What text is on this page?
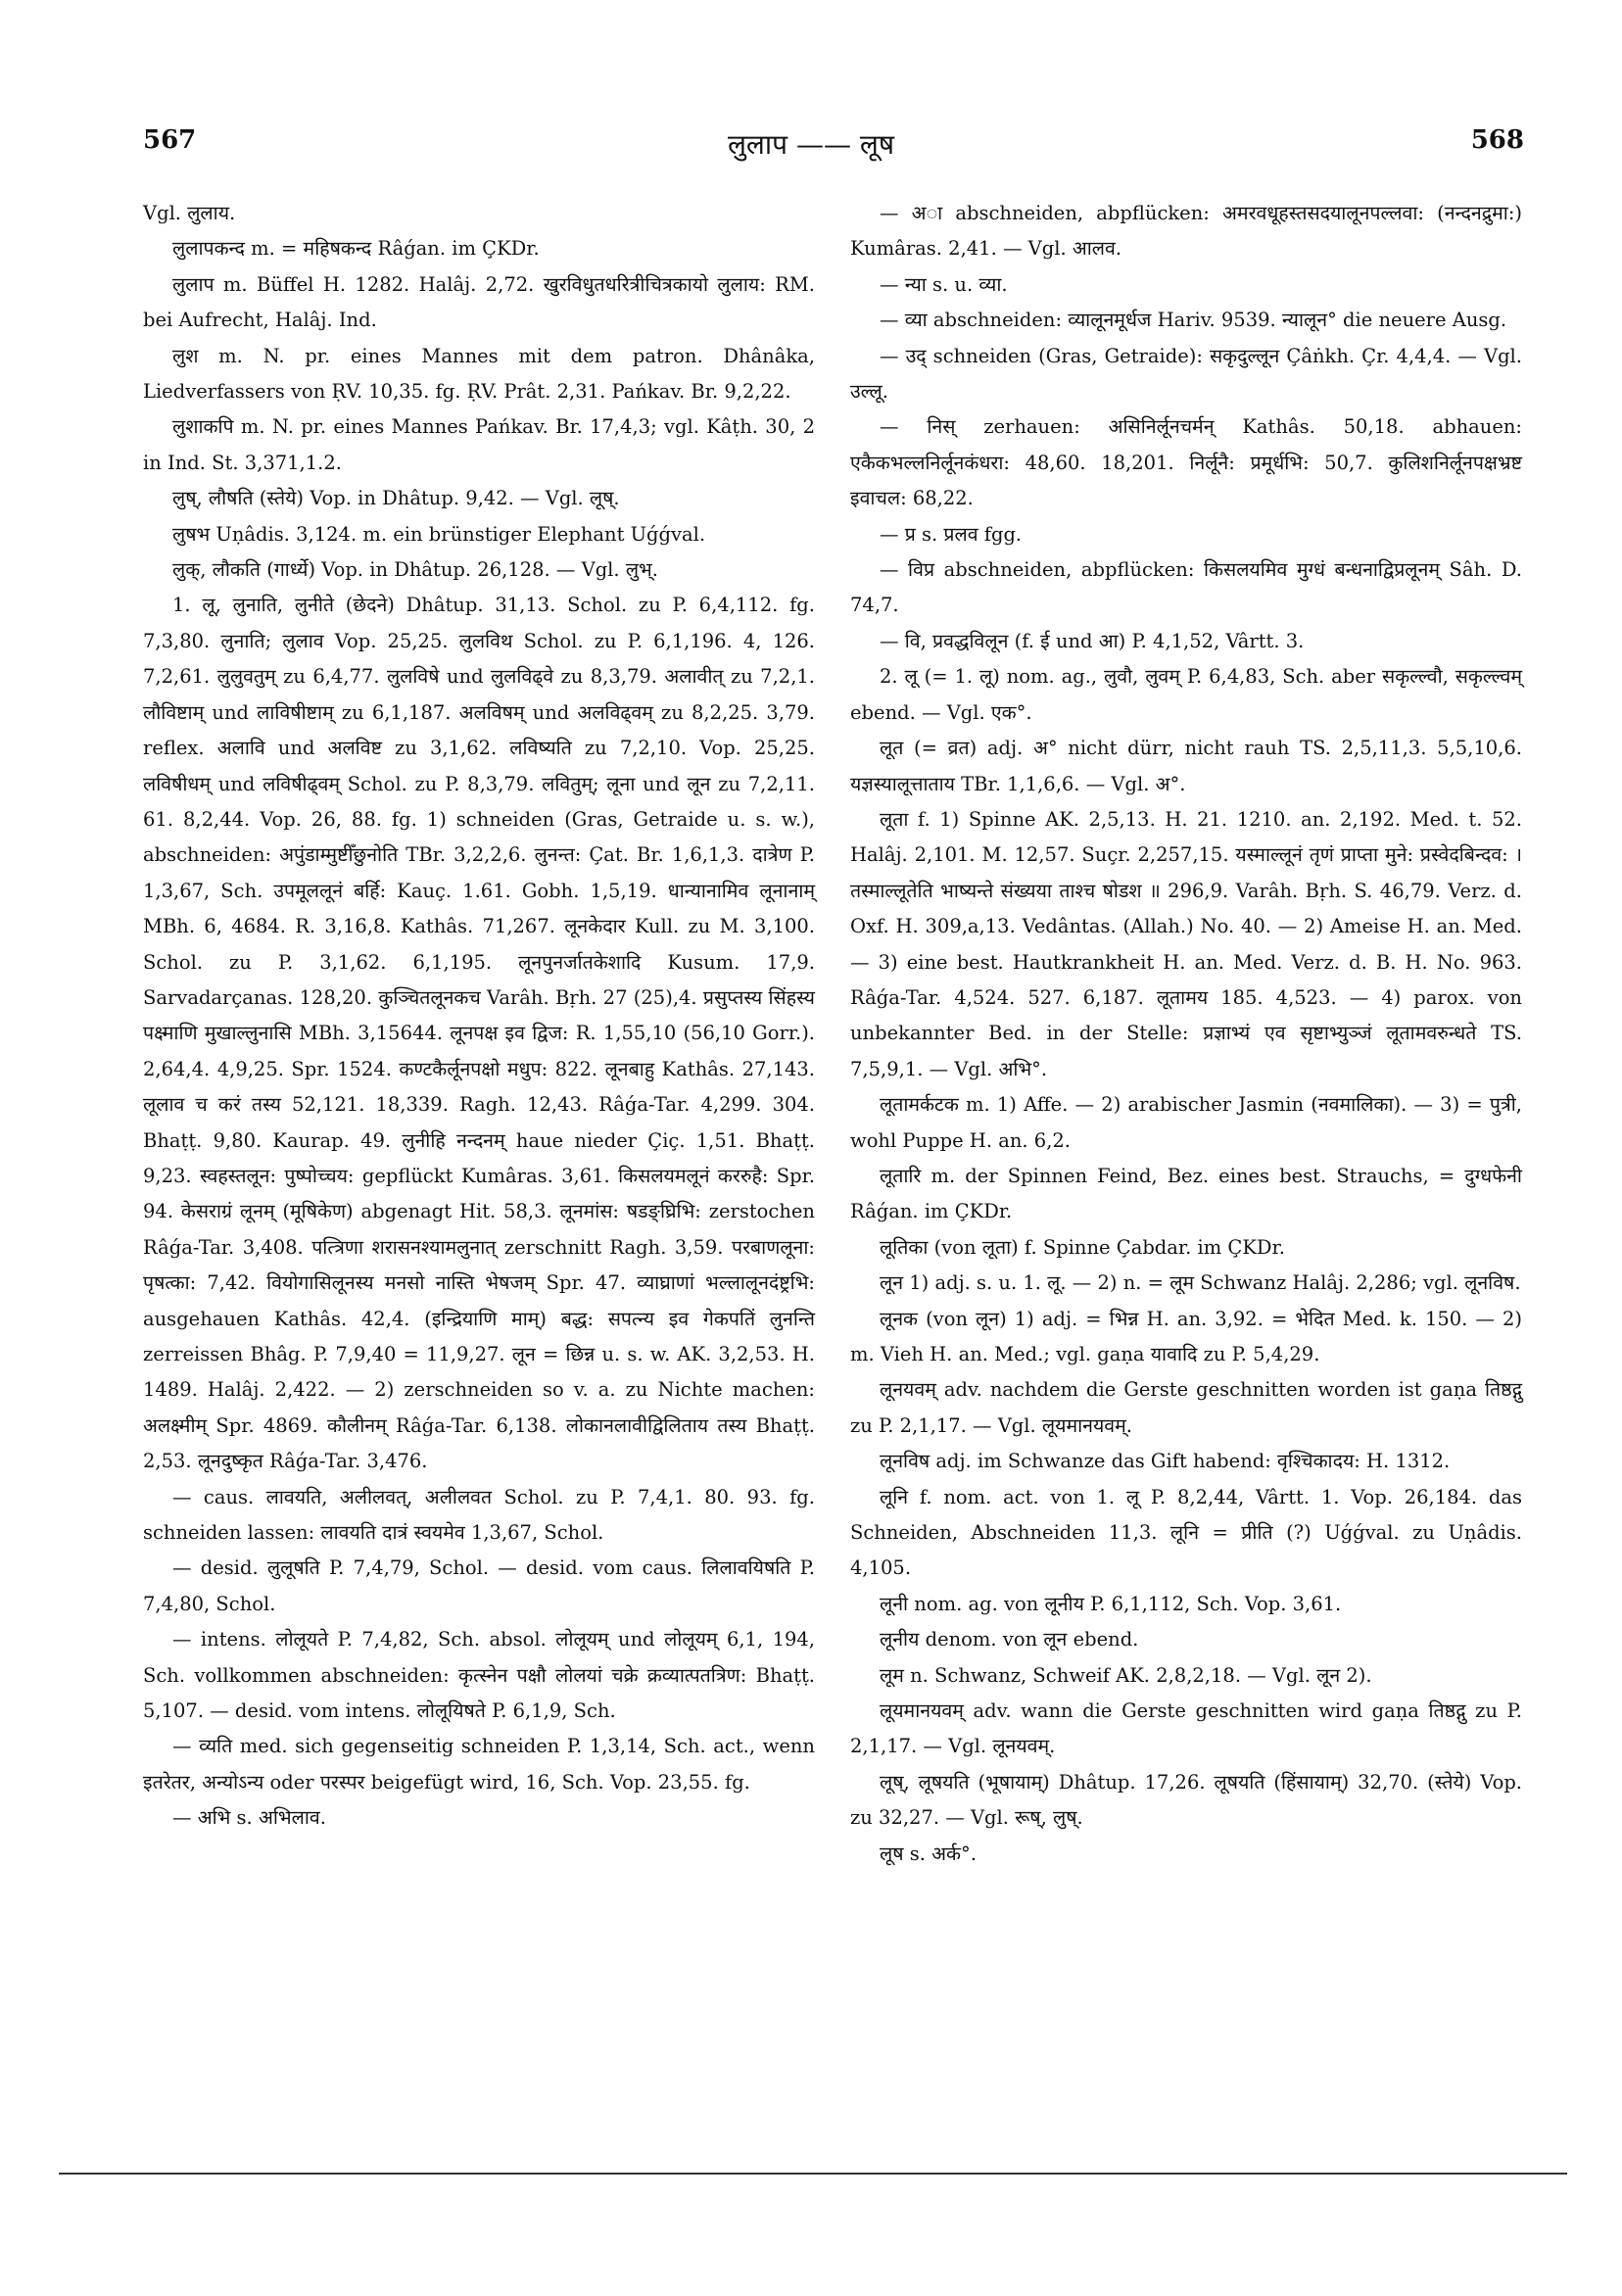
567	लुलाप —— लूष	568

Vgl. लुलाय.

लुलापकन्द m. = महिषकन्द Râǵan. im ÇKDr.

लुलाप m. Büffel H. 1282. Halâj. 2,72. खुरविधुतधरित्रीचित्रकायो लुलाय: RM. bei Aufrecht, Halâj. Ind.

लुश m. N. pr. eines Mannes mit dem patron. Dhânâka, Liedverfassers von ṚV. 10,35. fg. ṚV. Prât. 2,31. Pańkav. Br. 9,2,22.

लुशाकपि m. N. pr. eines Mannes Pańkav. Br. 17,4,3; vgl. Kâṭh. 30, 2 in Ind. St. 3,371,1.2.

लुष्, लौषति (स्तेये) Vop. in Dhâtup. 9,42. — Vgl. लूष्.

लुषभ Uṇâdis. 3,124. m. ein brünstiger Elephant Uǵǵval.

लुक्, लौकति (गार्ध्ये) Vop. in Dhâtup. 26,128. — Vgl. लुभ्.

1. लू, लुनाति, लुनीते (छेदने) Dhâtup. 31,13. Schol. zu P. 6,4,112. fg. 7,3,80. लुनाति; लुलाव Vop. 25,25. लुलविथ Schol. zu P. 6,1,196. 4, 126. 7,2,61. लुलुवतुम् zu 6,4,77. लुलविषे und लुलविढ्वे zu 8,3,79. अलावीत् zu 7,2,1. लौविष्टाम् und लाविषीष्टाम् zu 6,1,187. अलविषम् und अलविढ्वम् zu 8,2,25. 3,79. reflex. अलावि und अलविष्ट zu 3,1,62. लविष्यति zu 7,2,10. Vop. 25,25. लविषीधम् und लविषीढ्वम् Schol. zu P. 8,3,79. लवितुम्; लूना und लून zu 7,2,11. 61. 8,2,44. Vop. 26, 88. fg. 1) schneiden (Gras, Getraide u. s. w.), abschneiden: अपुंडाम्मुष्टीँछुनोति TBr. 3,2,2,6. लुनन्त: Çat. Br. 1,6,1,3. दात्रेण P. 1,3,67, Sch. उपमूललूनं बर्हि: Kauç. 1.61. Gobh. 1,5,19. धान्यानामिव लूनानाम् MBh. 6, 4684. R. 3,16,8. Kathâs. 71,267. लूनकेदार Kull. zu M. 3,100. Schol. zu P. 3,1,62. 6,1,195. लूनपुनर्जातकेशादि Kusum. 17,9. Sarvadarçanas. 128,20. कुञ्चितलूनकच Varâh. Bṛh. 27 (25),4. प्रसुप्तस्य सिंहस्य पक्ष्माणि मुखाल्लुनासि MBh. 3,15644. लूनपक्ष इव द्विज: R. 1,55,10 (56,10 Gorr.). 2,64,4. 4,9,25. Spr. 1524. कण्टकैर्लूनपक्षो मधुप: 822. लूनबाहु Kathâs. 27,143. लूलाव च करं तस्य 52,121. 18,339. Ragh. 12,43. Râǵa-Tar. 4,299. 304. Bhaṭṭ. 9,80. Kaurap. 49. लुनीहि नन्दनम् haue nieder Çiç. 1,51. Bhaṭṭ. 9,23. स्वहस्तलून: पुष्पोच्चय: gepflückt Kumâras. 3,61. किसलयमलूनं कररुहै: Spr. 94. केसराग्रं लूनम् (मूषिकेण) abgenagt Hit. 58,3. लूनमांस: षडङ्घ्रिभि: zerstochen Râǵa-Tar. 3,408. पत्त्रिणा शरासनश्यामलुनात् zerschnitt Ragh. 3,59. परबाणलूना: पृषत्का: 7,42. वियोगासिलूनस्य मनसो नास्ति भेषजम् Spr. 47. व्याघ्राणां भल्लालूनदंष्ट्रभि: ausgehauen Kathâs. 42,4. (इन्द्रियाणि माम्) बद्ध: सपत्न्य इव गेकपतिं लुनन्ति zerreissen Bhâg. P. 7,9,40 = 11,9,27. लून = छिन्न u. s. w. AK. 3,2,53. H. 1489. Halâj. 2,422. — 2) zerschneiden so v. a. zu Nichte machen: अलक्ष्मीम् Spr. 4869. कौलीनम् Râǵa-Tar. 6,138. लोकानलावीद्विलिताय तस्य Bhaṭṭ. 2,53. लूनदुष्कृत Râǵa-Tar. 3,476.

— caus. लावयति, अलीलवत्, अलीलवत Schol. zu P. 7,4,1. 80. 93. fg. schneiden lassen: लावयति दात्रं स्वयमेव 1,3,67, Schol.

— desid. लुलूषति P. 7,4,79, Schol. — desid. vom caus. लिलावयिषति P. 7,4,80, Schol.

— intens. लोलूयते P. 7,4,82, Sch. absol. लोलूयम् und लोलूयम् 6,1, 194, Sch. vollkommen abschneiden: कृत्स्नेन पक्षौ लोलयां चक्रे क्रव्यात्पतत्रिण: Bhaṭṭ. 5,107. — desid. vom intens. लोलूयिषते P. 6,1,9, Sch.

— व्यति med. sich gegenseitig schneiden P. 1,3,14, Sch. act., wenn इतरेतर, अन्योऽन्य oder परस्पर beigefügt wird, 16, Sch. Vop. 23,55. fg.

— अभि s. अभिलाव.

— अा abschneiden, abpflücken: अमरवधूहस्तसदयालूनपल्लवा: (नन्दनद्रुमा:) Kumâras. 2,41. — Vgl. आलव.

— न्या s. u. व्या.

— व्या abschneiden: व्यालूनमूर्धज Hariv. 9539. न्यालून° die neuere Ausg.

— उद् schneiden (Gras, Getraide): सकृदुल्लून Çâṅkh. Çr. 4,4,4. — Vgl. उल्लू.

— निस् zerhauen: असिनिर्लूनचर्मन् Kathâs. 50,18. abhauen: एकैकभल्लनिर्लूनकंधरा: 48,60. 18,201. निर्लूनै: प्रमूर्धभि: 50,7. कुलिशनिर्लूनपक्षभ्रष्ट इवाचल: 68,22.

— प्र s. प्रलव fgg.

— विप्र abschneiden, abpflücken: किसलयमिव मुग्धं बन्धनाद्विप्रलूनम् Sâh. D. 74,7.

— वि, प्रवद्धविलून (f. ई und आ) P. 4,1,52, Vârtt. 3.

2. लू (= 1. लू) nom. ag., लुवौ, लुवम् P. 6,4,83, Sch. aber सकृल्ल्वौ, सकृल्ल्वम् ebend. — Vgl. एक°.

लूत (= व्रत) adj. अ° nicht dürr, nicht rauh TS. 2,5,11,3. 5,5,10,6. यज्ञस्यालूत्ताताय TBr. 1,1,6,6. — Vgl. अ°.

लूता f. 1) Spinne AK. 2,5,13. H. 21. 1210. an. 2,192. Med. t. 52. Halâj. 2,101. M. 12,57. Suçr. 2,257,15. यस्माल्लूनं तृणं प्राप्ता मुने: प्रस्वेदबिन्दव: । तस्माल्लूतेति भाष्यन्ते संख्यया ताश्च षोडश ॥ 296,9. Varâh. Bṛh. S. 46,79. Verz. d. Oxf. H. 309,a,13. Vedântas. (Allah.) No. 40. — 2) Ameise H. an. Med. — 3) eine best. Hautkrankheit H. an. Med. Verz. d. B. H. No. 963. Râǵa-Tar. 4,524. 527. 6,187. लूतामय 185. 4,523. — 4) parox. von unbekannter Bed. in der Stelle: प्रज्ञाभ्यं एव सृष्टाभ्युञ्जं लूतामवरुन्धते TS. 7,5,9,1. — Vgl. अभि°.

लूतामर्कटक m. 1) Affe. — 2) arabischer Jasmin (नवमालिका). — 3) = पुत्री, wohl Puppe H. an. 6,2.

लूतारि m. der Spinnen Feind, Bez. eines best. Strauchs, = दुग्धफेनी Râǵan. im ÇKDr.

लूतिका (von लूता) f. Spinne Çabdar. im ÇKDr.

लून 1) adj. s. u. 1. लू. — 2) n. = लूम Schwanz Halâj. 2,286; vgl. लूनविष.

लूनक (von लून) 1) adj. = भिन्न H. an. 3,92. = भेदित Med. k. 150. — 2) m. Vieh H. an. Med.; vgl. gaṇa यावादि zu P. 5,4,29.

लूनयवम् adv. nachdem die Gerste geschnitten worden ist gaṇa तिष्ठद्गु zu P. 2,1,17. — Vgl. लूयमानयवम्.

लूनविष adj. im Schwanze das Gift habend: वृश्चिकादय: H. 1312.

लूनि f. nom. act. von 1. लू P. 8,2,44, Vârtt. 1. Vop. 26,184. das Schneiden, Abschneiden 11,3. लूनि = प्रीति (?) Uǵǵval. zu Uṇâdis. 4,105.

लूनी nom. ag. von लूनीय P. 6,1,112, Sch. Vop. 3,61.

लूनीय denom. von लून ebend.

लूम n. Schwanz, Schweif AK. 2,8,2,18. — Vgl. लून 2).

लूयमानयवम् adv. wann die Gerste geschnitten wird gaṇa तिष्ठद्गु zu P. 2,1,17. — Vgl. लूनयवम्.

लूष्, लूषयति (भूषायाम्) Dhâtup. 17,26. लूषयति (हिंसायाम्) 32,70. (स्तेये) Vop. zu 32,27. — Vgl. रूष्, लुष्.

लूष s. अर्क°.
